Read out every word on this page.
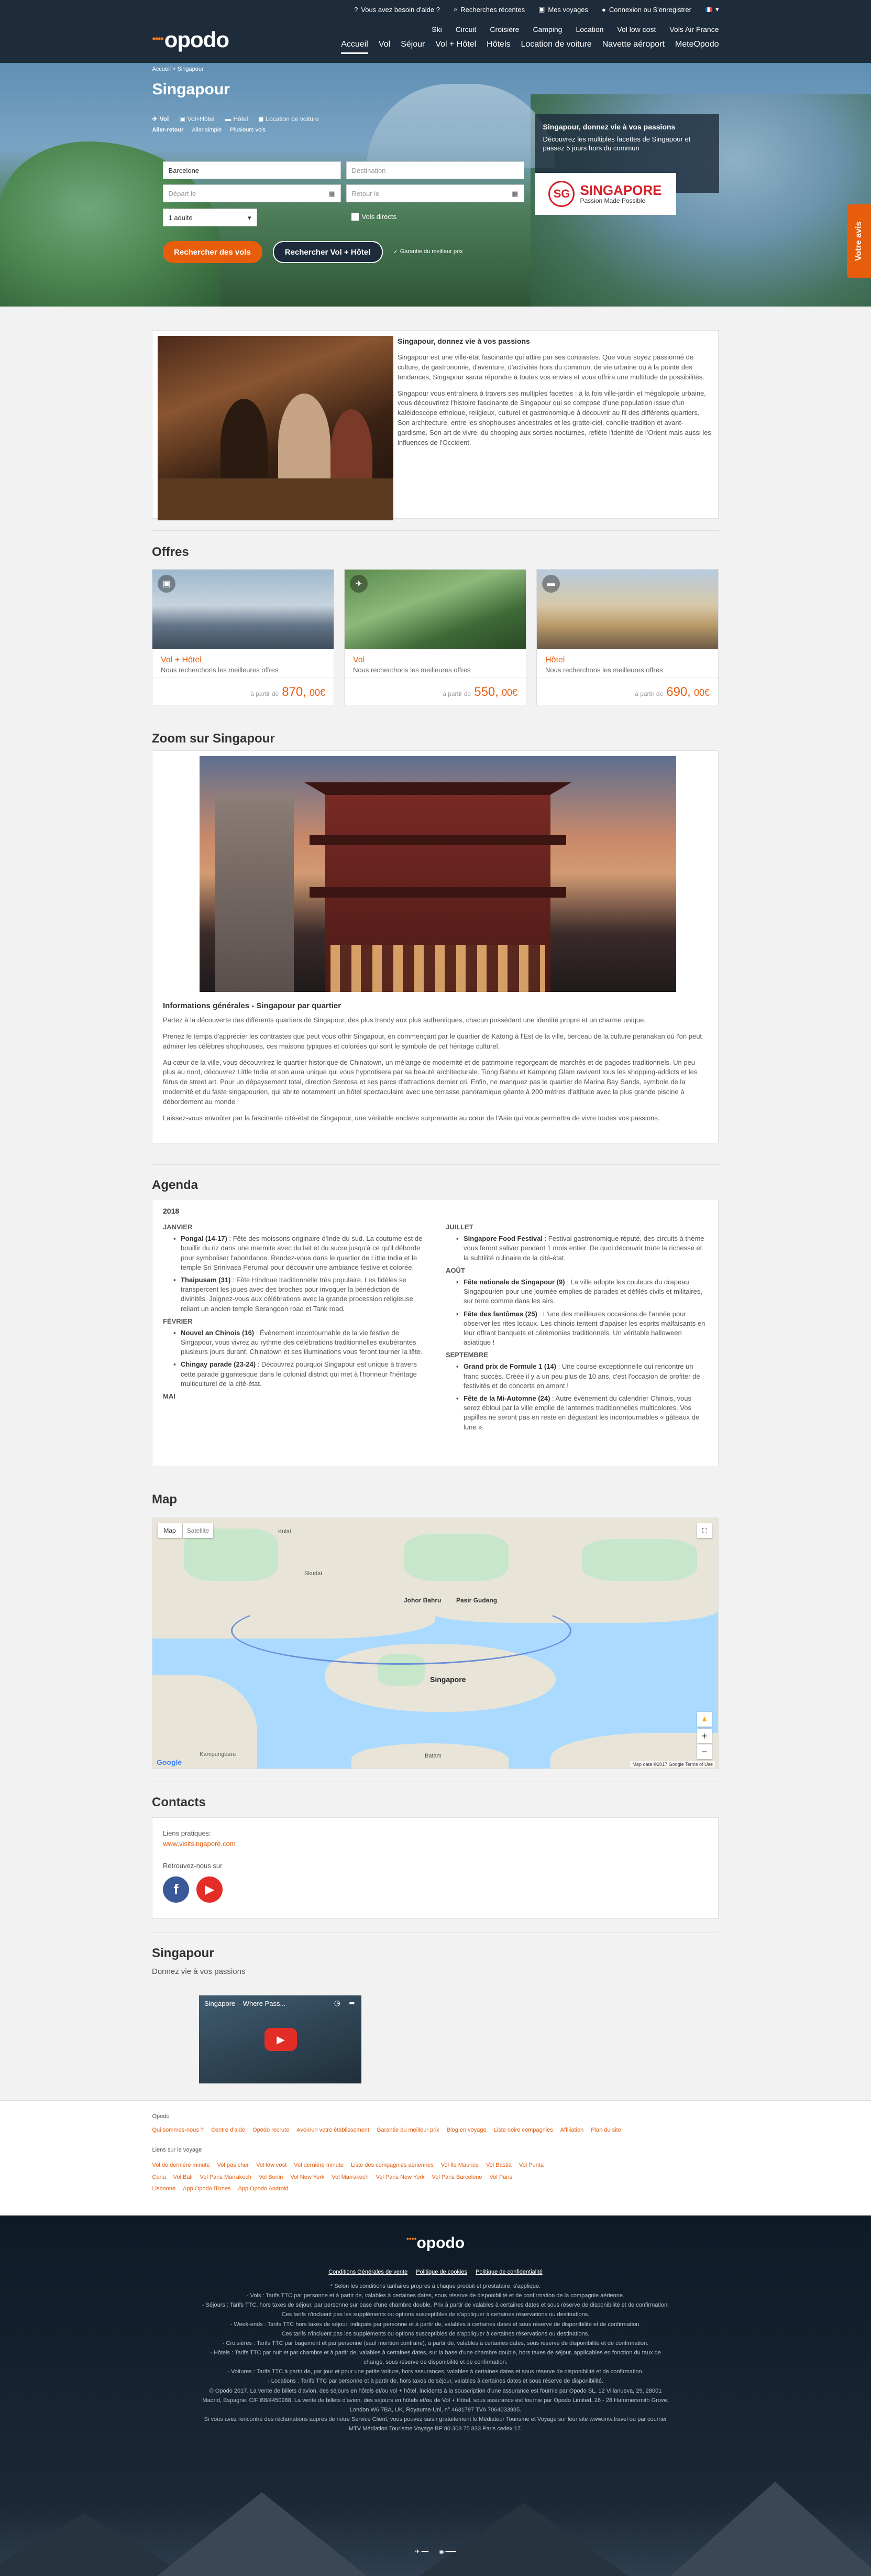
? Vous avez besoin d'aide ? ⌕ Recherches récentes ▣ Mes voyages ● Connexion ou S'enregistrer	▾
••••opodo	Ski Circuit Croisière Camping Location Vol low cost Vols Air France
Accueil Vol Séjour Vol + Hôtel Hôtels Location de voiture Navette aéroport MeteOpodo
Accueil > Singapour
Singapour
✈ Vol ▣ Vol+Hôtel ▬ Hôtel ◼ Location de voiture
Aller-retour Aller simple Plusieurs vols
Barcelone	Destination
Départ le	▦	Retour le	▦
1 adulte	▾	Vols directs
Rechercher des vols	Rechercher Vol + Hôtel	✓ Garantie du meilleur prix
Singapour, donnez vie à vos passions
Découvrez les multiples facettes de Singapour et passez 5 jours hors du commun
SG SINGAPORE
Passion Made Possible
Votre avis
Singapour, donnez vie à vos passions
Singapour est une ville-état fascinante qui attire par ses contrastes. Que vous soyez passionné de culture, de gastronomie, d'aventure, d'activités hors du commun, de vie urbaine ou à la pointe des tendances, Singapour saura répondre à toutes vos envies et vous offrira une multitude de possibilités.
Singapour vous entraînera à travers ses multiples facettes : à la fois ville-jardin et mégalopole urbaine, vous découvrirez l'histoire fascinante de Singapour qui se compose d'une population issue d'un kaléidoscope ethnique, religieux, culturel et gastronomique à découvrir au fil des différents quartiers. Son architecture, entre les shophouses ancestrales et les gratte-ciel, concilie tradition et avant-gardisme. Son art de vivre, du shopping aux sorties nocturnes, reflète l'identité de l'Orient mais aussi les influences de l'Occident.
Offres
▣
Vol + Hôtel
Nous recherchons les meilleures offres
à partir de 870, 00€
✈
Vol
Nous recherchons les meilleures offres
à partir de 550, 00€
▬
Hôtel
Nous recherchons les meilleures offres
à partir de 690, 00€
Zoom sur Singapour
Informations générales - Singapour par quartier
Partez à la découverte des différents quartiers de Singapour, des plus trendy aux plus authentiques, chacun possédant une identité propre et un charme unique.
Prenez le temps d'apprécier les contrastes que peut vous offrir Singapour, en commençant par le quartier de Katong à l'Est de la ville, berceau de la culture peranakan où l'on peut admirer les célèbres shophouses, ces maisons typiques et colorées qui sont le symbole de cet héritage culturel.
Au cœur de la ville, vous découvrirez le quartier historique de Chinatown, un mélange de modernité et de patrimoine regorgeant de marchés et de pagodes traditionnels. Un peu plus au nord, découvrez Little India et son aura unique qui vous hypnotisera par sa beauté architecturale. Tiong Bahru et Kampong Glam ravivent tous les shopping-addicts et les férus de street art. Pour un dépaysement total, direction Sentosa et ses parcs d'attractions dernier cri. Enfin, ne manquez pas le quartier de Marina Bay Sands, symbole de la modernité et du faste singapourien, qui abrite notamment un hôtel spectaculaire avec une terrasse panoramique géante à 200 mètres d'altitude avec la plus grande piscine à débordement au monde !
Laissez-vous envoûter par la fascinante cité-état de Singapour, une véritable enclave surprenante au cœur de l'Asie qui vous permettra de vivre toutes vos passions.
Agenda
2018
JANVIER
▪ Pongal (14-17) : Fête des moissons originaire d'Inde du sud. La coutume est de bouillir du riz dans une marmite avec du lait et du sucre jusqu'à ce qu'il déborde pour symboliser l'abondance. Rendez-vous dans le quartier de Little India et le temple Sri Srinivasa Perumal pour découvrir une ambiance festive et colorée.
▪ Thaipusam (31) : Fête Hindoue traditionnelle très populaire. Les fidèles se transpercent les joues avec des broches pour invoquer la bénédiction de divinités. Joignez-vous aux célébrations avec la grande procession religieuse reliant un ancien temple Serangoon road et Tank road.
FÉVRIER
▪ Nouvel an Chinois (16) : Évènement incontournable de la vie festive de Singapour, vous vivrez au rythme des célébrations traditionnelles exubérantes plusieurs jours durant. Chinatown et ses illuminations vous feront tourner la tête.
▪ Chingay parade (23-24) : Découvrez pourquoi Singapour est unique à travers cette parade gigantesque dans le colonial district qui met à l'honneur l'héritage multiculturel de la cité-état.
MAI
JUILLET
▪ Singapore Food Festival : Festival gastronomique réputé, des circuits à thème vous feront saliver pendant 1 mois entier. De quoi découvrir toute la richesse et la subtilité culinaire de la cité-état.
AOÛT
▪ Fête nationale de Singapour (9) : La ville adopte les couleurs du drapeau Singapourien pour une journée emplies de parades et défilés civils et militaires, sur terre comme dans les airs.
▪ Fête des fantômes (25) : L'une des meilleures occasions de l'année pour observer les rites locaux. Les chinois tentent d'apaiser les esprits malfaisants en leur offrant banquets et cérémonies traditionnels. Un véritable halloween asiatique !
SEPTEMBRE
▪ Grand prix de Formule 1 (14) : Une course exceptionnelle qui rencontre un franc succès. Créée il y a un peu plus de 10 ans, c'est l'occasion de profiter de festivités et de concerts en amont !
▪ Fête de la Mi-Automne (24) : Autre évènement du calendrier Chinois, vous serez ébloui par la ville emplie de lanternes traditionnelles multicolores. Vos papilles ne seront pas en reste en dégustant les incontournables « gâteaux de lune ».
Map
Kulai
Skudai
Johor Bahru Pasir Gudang
Singapore
Batam
Kampungbaru
Map	Satellite	⛶
♟
+
−
Google	Map data ©2017 Google Terms of Use
Contacts
Liens pratiques:
www.visitsingapore.com
Retrouvez-nous sur
f	▶
Singapour
Donnez vie à vos passions
Singapore – Where Pass...	◷ ➦
▶
Opodo
Qui sommes-nous ? Centre d'aide Opodo recrute Avoir/un votre établissement Garantie du meilleur prix Blog en voyage Liste noire compagnies Affiliation Plan du site
Liens sur le voyage
Vol de dernière minute Vol pas cher Vol low cost Vol dernière minute Liste des compagnies aériennes Vol Ile Maurice Vol Bastia Vol Punta Cana Vol Bali Vol Paris Marrakech Vol Berlin Vol New York Vol Marrakech Vol Paris New York Vol Paris Barcelone Vol Paris Lisbonne App Opodo iTunes App Opodo Android
••••opodo
Conditions Générales de vente Politique de cookies Politique de confidentialité
* Selon les conditions tarifaires propres à chaque produit et prestataire, s'applique.
- Vols : Tarifs TTC par personne et à partir de, valables à certaines dates, sous réserve de disponibilité et de confirmation de la compagnie aérienne.
- Séjours : Tarifs TTC, hors taxes de séjour, par personne sur base d'une chambre double. Prix à partir de valables à certaines dates et sous réserve de disponibilité et de confirmation. Ces tarifs n'incluent pas les suppléments ou options susceptibles de s'appliquer à certaines réservations ou destinations.
- Week-ends : Tarifs TTC hors taxes de séjour, indiqués par personne et à partir de, valables à certaines dates et sous réserve de disponibilité et de confirmation.
Ces tarifs n'incluent pas les suppléments ou options susceptibles de s'appliquer à certaines réservations ou destinations.
- Croisières : Tarifs TTC par bagement et par personne (sauf mention contraire), à partir de, valables à certaines dates, sous réserve de disponibilité et de confirmation.
- Hôtels : Tarifs TTC par nuit et par chambre et à partir de, valables à certaines dates, sur la base d'une chambre double, hors taxes de séjour, applicables en fonction du taux de change, sous réserve de disponibilité et de confirmation.
- Voitures : Tarifs TTC à partir de, par jour et pour une petite voiture, hors assurances, valables à certaines dates et sous réserve de disponibilité et de confirmation.
- Locations : Tarifs TTC par personne et à partir de, hors taxes de séjour, valables à certaines dates et sous réserve de disponibilité.
© Opodo 2017. La vente de billets d'avion, des séjours en hôtels et/ou vol + hôtel, incidents à la souscription d'une assurance est fournie par Opodo SL, 12 Villanueva, 29, 28001 Madrid, Espagne. CIF B8/4450988. La vente de billets d'avion, des séjours en hôtels et/ou de Vol + Hôtel, sous assurance est fournie par Opodo Limited, 26 - 28 Hammersmith Grove, London W6 7BA, UK, Royaume-Uni, n° 4631797 TVA 7064033985.
Si vous avez rencontré des réclamations auprès de notre Service Client, vous pouvez saisir gratuitement le Médiateur Tourisme et Voyage sur leur site www.mtv.travel ou par courrier MTV Médiation Tourisme Voyage BP 80 303 75 823 Paris cedex 17.
✈ ━━ ◉ ━━━
